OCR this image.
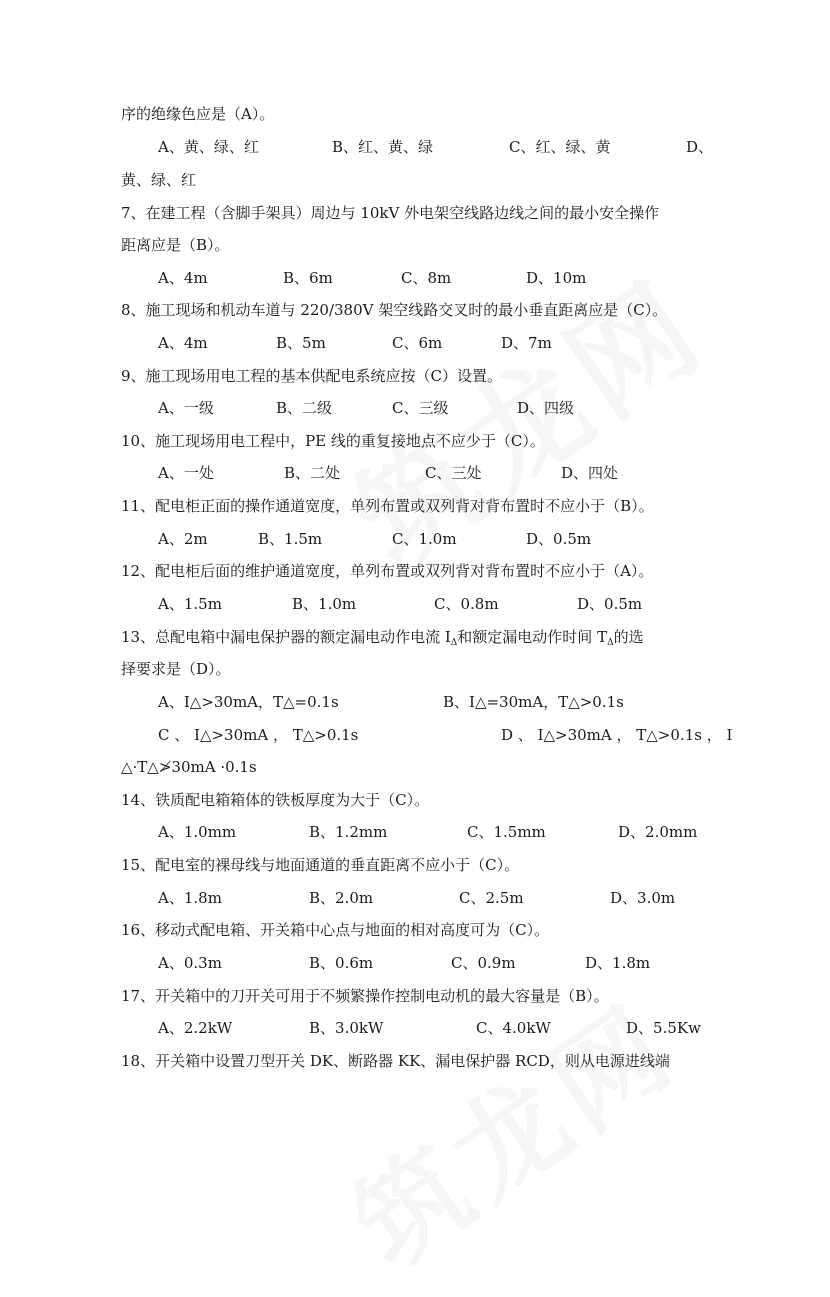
序的绝缘色应是（A）。
A、黄、绿、红	B、红、黄、绿	C、红、绿、黄	D、
黄、绿、红
7、在建工程（含脚手架具）周边与 10kV 外电架空线路边线之间的最小安全操作
距离应是（B）。
A、4m	B、6m	C、8m	D、10m
8、施工现场和机动车道与 220/380V 架空线路交叉时的最小垂直距离应是（C）。
A、4m	B、5m	C、6m	D、7m
9、施工现场用电工程的基本供配电系统应按（C）设置。
A、一级	B、二级	C、三级	D、四级
10、施工现场用电工程中，PE 线的重复接地点不应少于（C）。
A、一处	B、二处	C、三处	D、四处
11、配电柜正面的操作通道宽度，单列布置或双列背对背布置时不应小于（B）。
A、2m	B、1.5m	C、1.0m	D、0.5m
12、配电柜后面的维护通道宽度，单列布置或双列背对背布置时不应小于（A）。
A、1.5m	B、1.0m	C、0.8m	D、0.5m
13、总配电箱中漏电保护器的额定漏电动作电流 $I_\Delta$和额定漏电动作时间 $T_\Delta$的选
择要求是（D）。
A、I△>30mA，T△=0.1s	B、I△=30mA，T△>0.1s
C 、 I△>30mA ， T△>0.1s	D 、 I△>30mA ， T△>0.1s ， I
△·T△≯30mA ·0.1s
14、铁质配电箱箱体的铁板厚度为大于（C）。
A、1.0mm	B、1.2mm	C、1.5mm	D、2.0mm
15、配电室的裸母线与地面通道的垂直距离不应小于（C）。
A、1.8m	B、2.0m	C、2.5m	D、3.0m
16、移动式配电箱、开关箱中心点与地面的相对高度可为（C）。
A、0.3m	B、0.6m	C、0.9m	D、1.8m
17、开关箱中的刀开关可用于不频繁操作控制电动机的最大容量是（B）。
A、2.2kW	B、3.0kW	C、4.0kW	D、5.5Kw
18、开关箱中设置刀型开关 DK、断路器 KK、漏电保护器 RCD，则从电源进线端
